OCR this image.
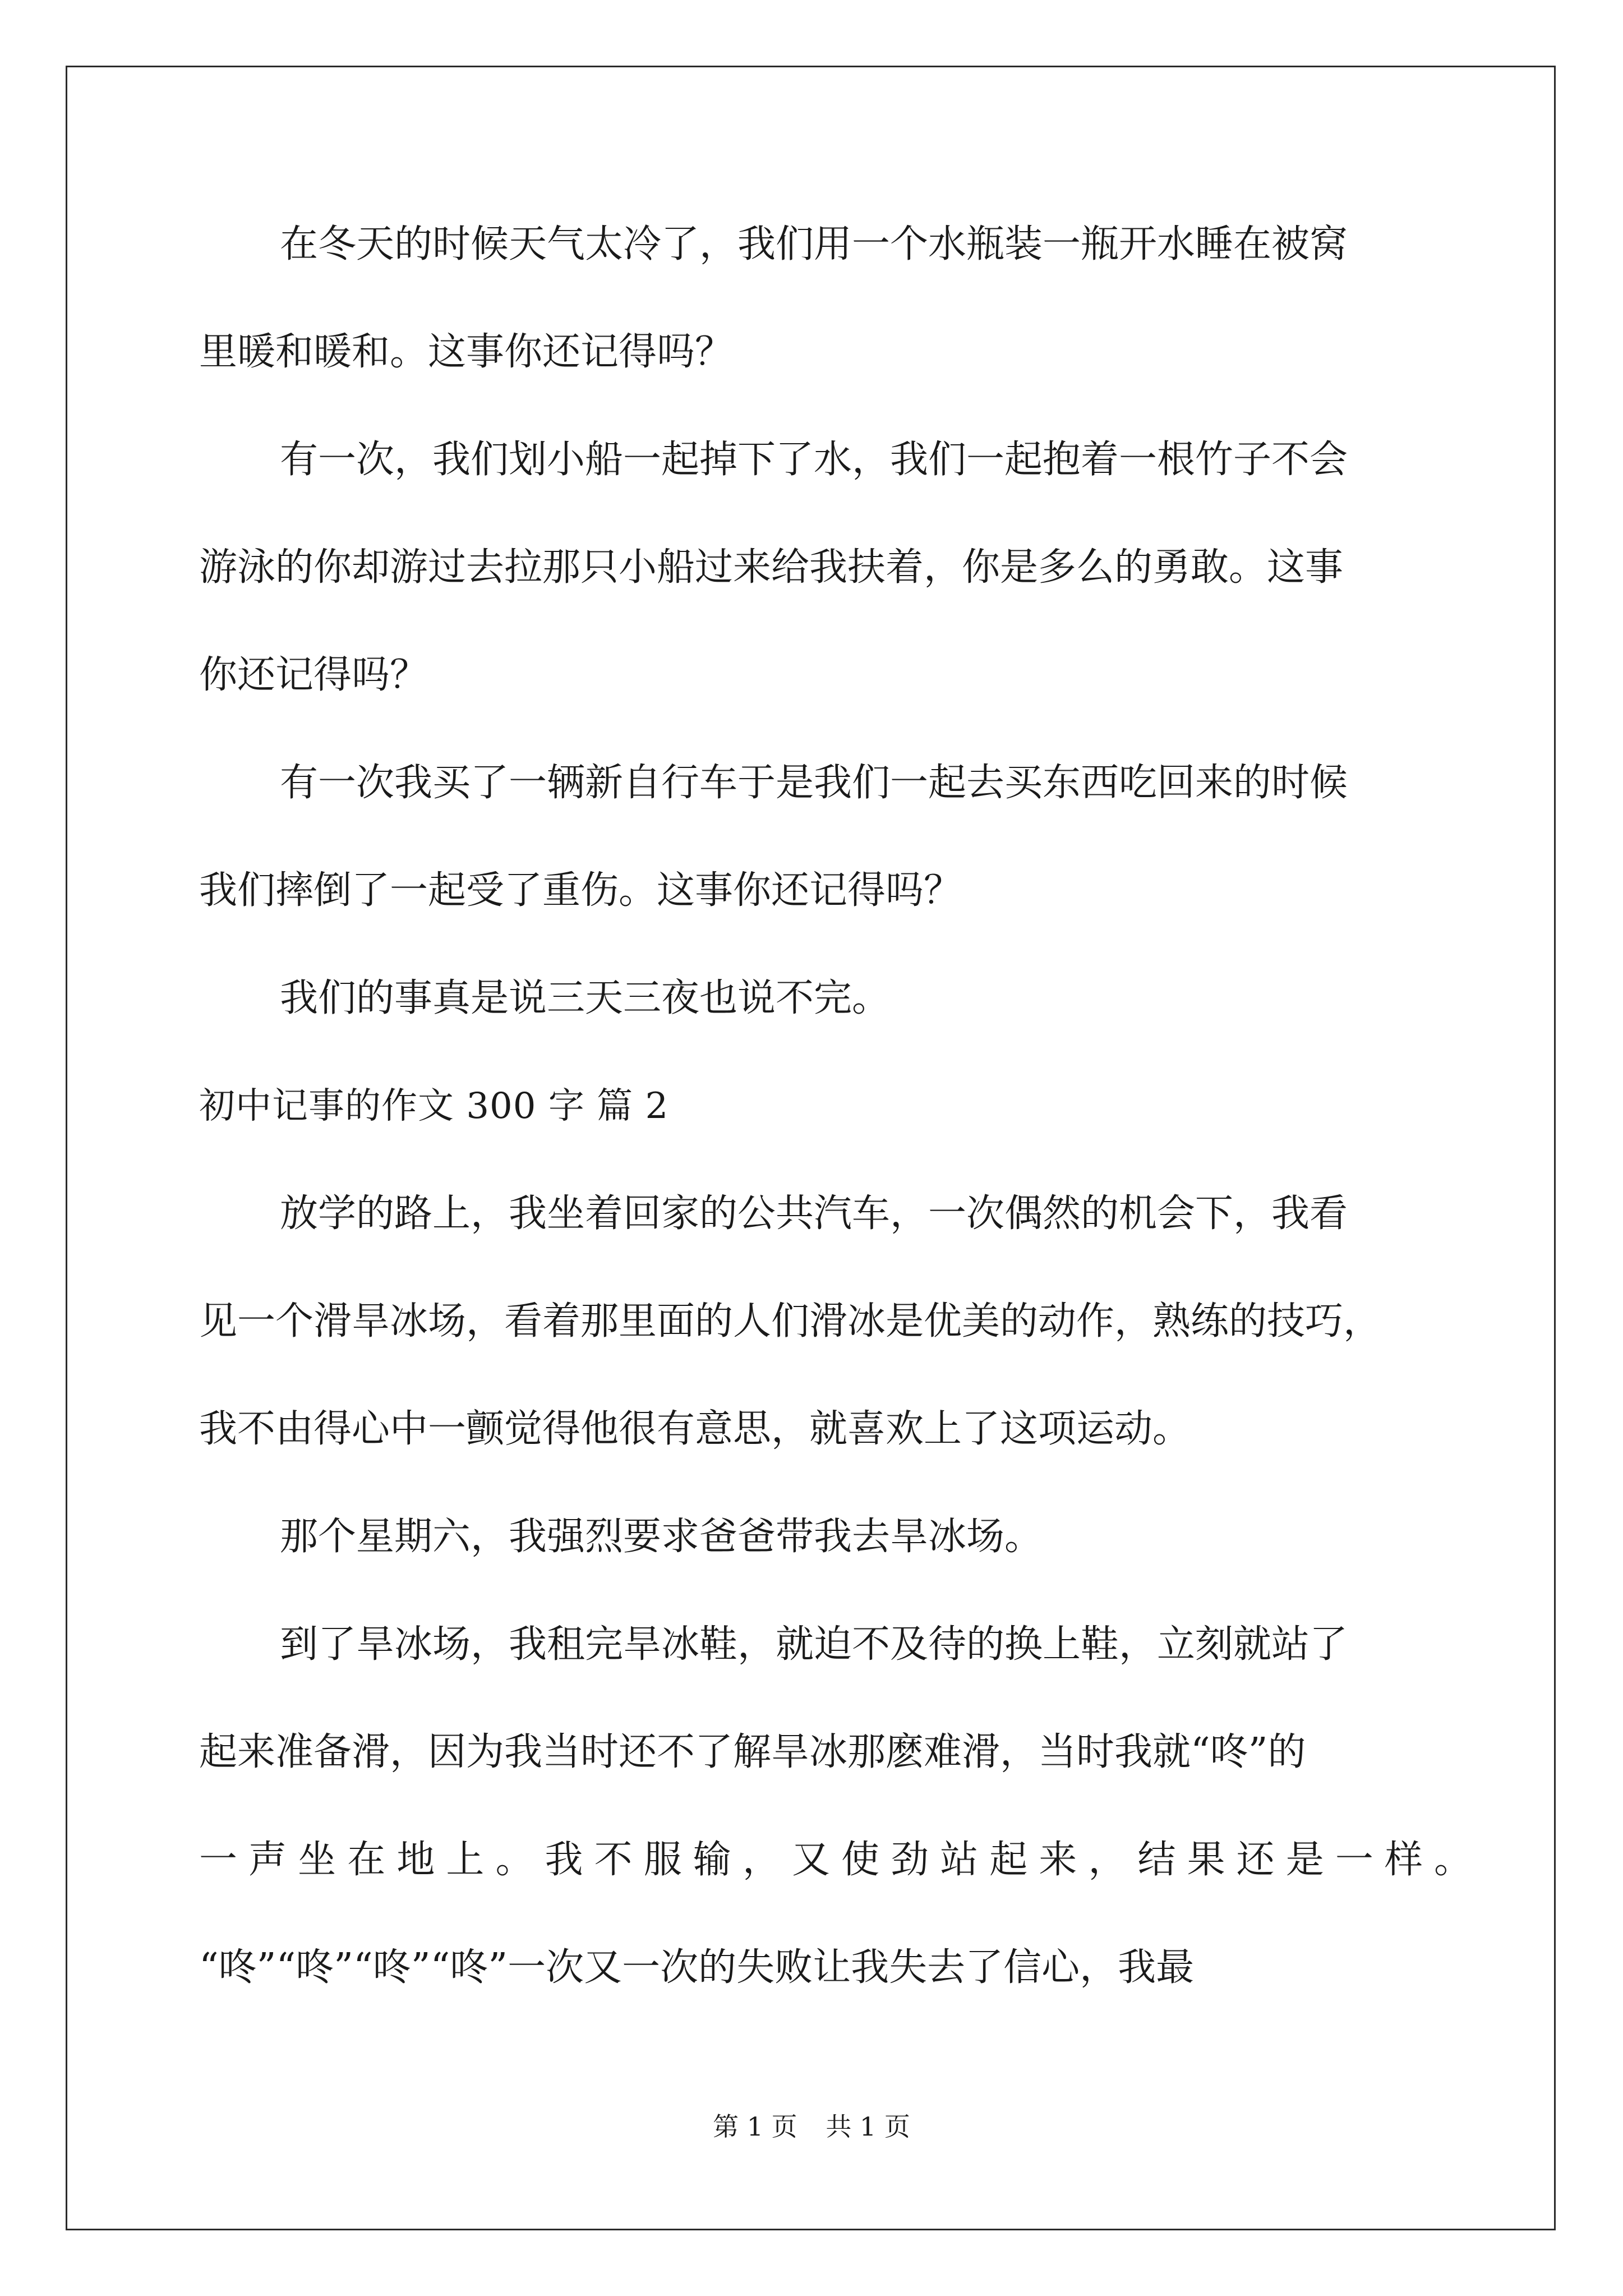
在冬天的时候天气太冷了，我们用一个水瓶装一瓶开水睡在被窝
里暖和暖和。这事你还记得吗？
有一次，我们划小船一起掉下了水，我们一起抱着一根竹子不会
游泳的你却游过去拉那只小船过来给我扶着，你是多么的勇敢。这事
你还记得吗？
有一次我买了一辆新自行车于是我们一起去买东西吃回来的时候
我们摔倒了一起受了重伤。这事你还记得吗？
我们的事真是说三天三夜也说不完。
初中记事的作文 300 字 篇 2
放学的路上，我坐着回家的公共汽车，一次偶然的机会下，我看
见一个滑旱冰场，看着那里面的人们滑冰是优美的动作，熟练的技巧，
我不由得心中一颤觉得他很有意思，就喜欢上了这项运动。
那个星期六，我强烈要求爸爸带我去旱冰场。
到了旱冰场，我租完旱冰鞋，就迫不及待的换上鞋，立刻就站了
起来准备滑，因为我当时还不了解旱冰那麽难滑，当时我就“咚”的
一声坐在地上。我不服输，又使劲站起来，结果还是一样。
“咚”“咚”“咚”“咚”一次又一次的失败让我失去了信心，我最
第 1 页 共 1 页
